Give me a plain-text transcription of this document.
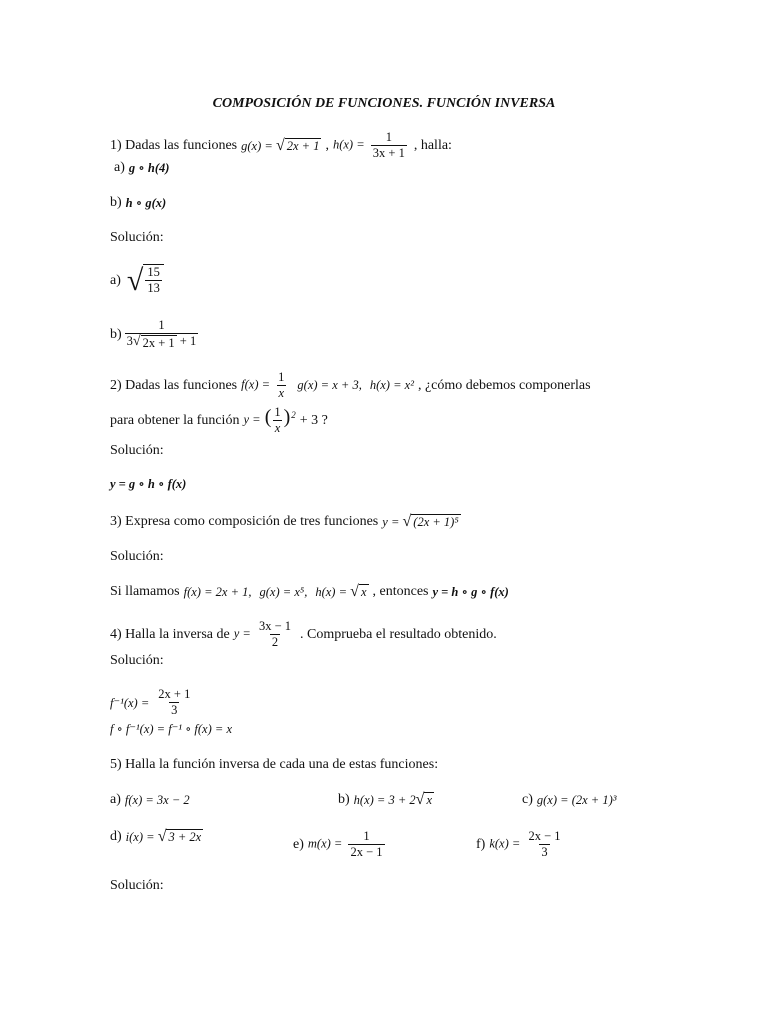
COMPOSICIÓN DE FUNCIONES. FUNCIÓN INVERSA
1) Dadas las funciones g(x) = √ 2x + 1 , $h(x) = \frac{1}{3x + 1}$ , halla:
a) g ∘ h(4)
b) h ∘ g(x)
Solución:
a) √ $\frac{15}{13}$
$b) \frac{1}{3 √ 2x + 1 + 1}$
2) Dadas las funciones $f(x) = \frac{1}{x} g(x) = x + 3$, h(x) = x² , ¿cómo debemos componerlas
para obtener la función y = ( $\frac{1}{x} )^2 + 3$ ?
Solución:
y = g ∘ h ∘ f(x)
3) Expresa como composición de tres funciones y = √ (2x + 1)⁵
Solución:
Si llamamos f(x) = 2x + 1, g(x) = x⁵, h(x) = √ x , entonces y = h ∘ g ∘ f(x)
4) Halla la inversa de $y = \frac{3x - 1}{2}$ . Comprueba el resultado obtenido.
Solución:
$f^{-1}(x) = \frac{2x + 1}{3}$
f ∘ f⁻¹(x) = f⁻¹ ∘ f(x) = x
5) Halla la función inversa de cada una de estas funciones:
a) f(x) = 3x − 2	b) h(x) = 3 + 2 √ x	c) g(x) = (2x + 1)³
d) i(x) = √ 3 + 2x	e) $m(x) = \frac{1}{2x - 1}$	f) $k(x) = \frac{2x - 1}{3}$
Solución:
